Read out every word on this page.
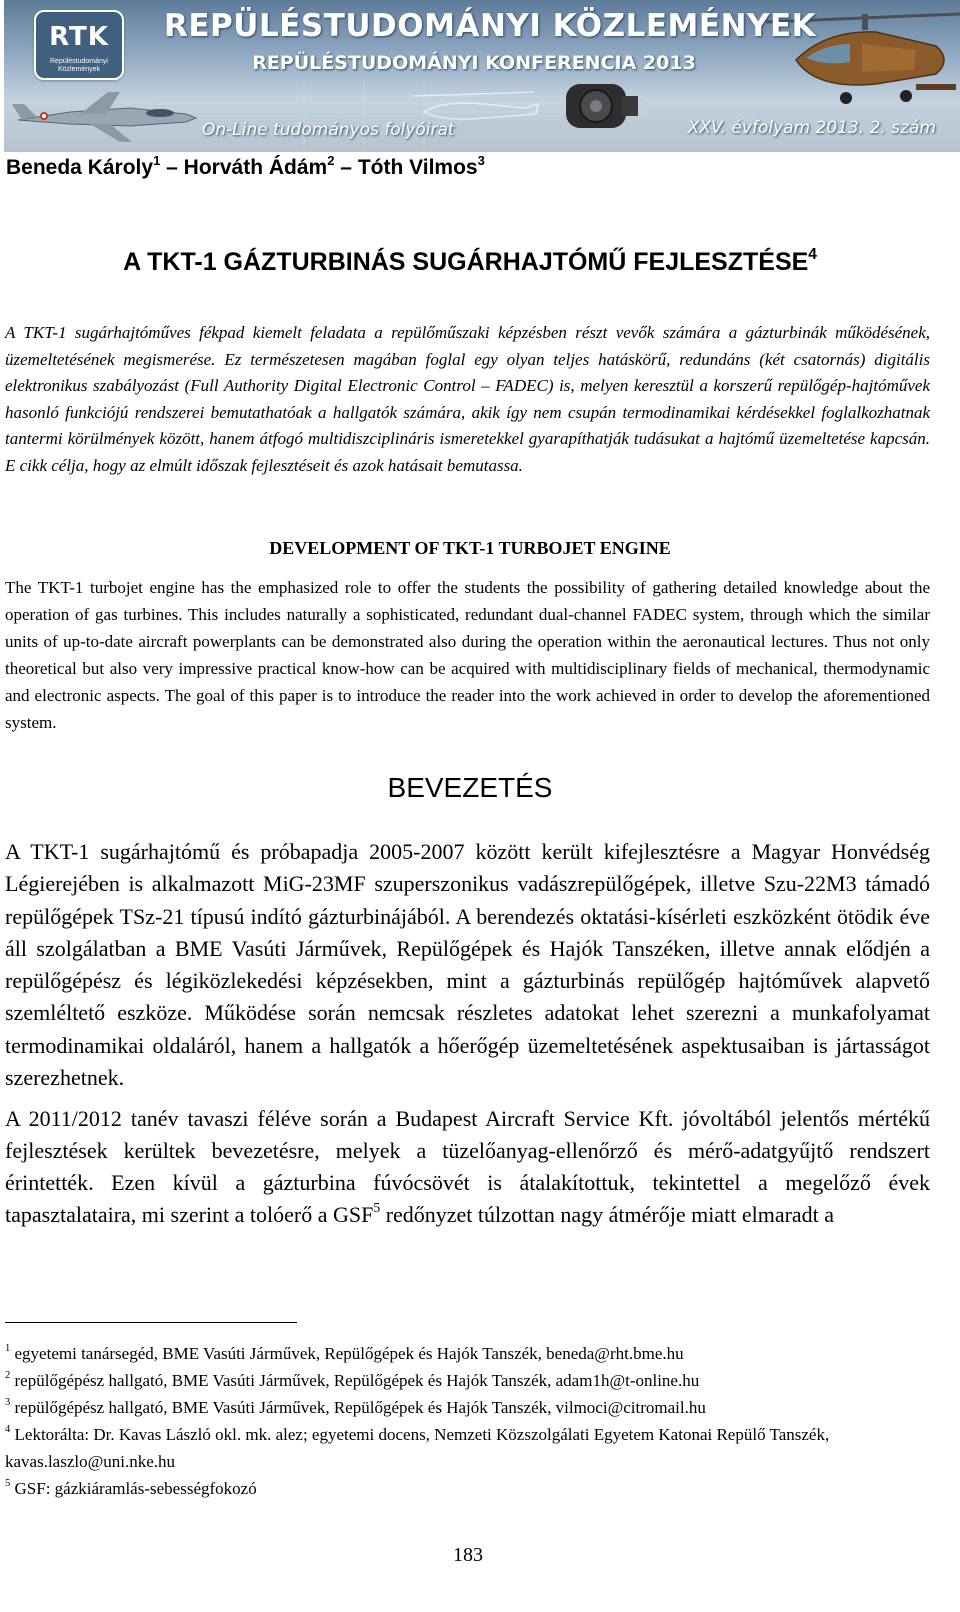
RTK
Repüléstudományi Közlemények
REPÜLÉSTUDOMÁNYI KÖZLEMÉNYEK
REPÜLÉSTUDOMÁNYI KONFERENCIA 2013
On-Line tudományos folyóirat	XXV. évfolyam 2013. 2. szám
Beneda Károly$^1$ – Horváth Ádám$^2$ – Tóth Vilmos$^3$
A TKT-1 GÁZTURBINÁS SUGÁRHAJTÓMŰ FEJLESZTÉSE$^4$
A TKT-1 sugárhajtóműves fékpad kiemelt feladata a repülőműszaki képzésben részt vevők számára a gázturbinák működésének, üzemeltetésének megismerése. Ez természetesen magában foglal egy olyan teljes hatáskörű, redundáns (két csatornás) digitális elektronikus szabályozást (Full Authority Digital Electronic Control – FADEC) is, melyen keresztül a korszerű repülőgép-hajtóművek hasonló funkciójú rendszerei bemutathatóak a hallgatók számára, akik így nem csupán termodinamikai kérdésekkel foglalkozhatnak tantermi körülmények között, hanem átfogó multidiszciplináris ismeretekkel gyarapíthatják tudásukat a hajtómű üzemeltetése kapcsán. E cikk célja, hogy az elmúlt időszak fejlesztéseit és azok hatásait bemutassa.
DEVELOPMENT OF TKT-1 TURBOJET ENGINE
The TKT-1 turbojet engine has the emphasized role to offer the students the possibility of gathering detailed knowledge about the operation of gas turbines. This includes naturally a sophisticated, redundant dual-channel FADEC system, through which the similar units of up-to-date aircraft powerplants can be demonstrated also during the operation within the aeronautical lectures. Thus not only theoretical but also very impressive practical know-how can be acquired with multidisciplinary fields of mechanical, thermodynamic and electronic aspects. The goal of this paper is to introduce the reader into the work achieved in order to develop the aforementioned system.
BEVEZETÉS
A TKT-1 sugárhajtómű és próbapadja 2005-2007 között került kifejlesztésre a Magyar Honvédség Légierejében is alkalmazott MiG-23MF szuperszonikus vadászrepülőgépek, illetve Szu-22M3 támadó repülőgépek TSz-21 típusú indító gázturbinájából. A berendezés oktatási-kísérleti eszközként ötödik éve áll szolgálatban a BME Vasúti Járművek, Repülőgépek és Hajók Tanszéken, illetve annak elődjén a repülőgépész és légiközlekedési képzésekben, mint a gázturbinás repülőgép hajtóművek alapvető szemléltető eszköze. Működése során nemcsak részletes adatokat lehet szerezni a munkafolyamat termodinamikai oldaláról, hanem a hallgatók a hőerőgép üzemeltetésének aspektusaiban is jártasságot szerezhetnek.
A 2011/2012 tanév tavaszi féléve során a Budapest Aircraft Service Kft. jóvoltából jelentős mértékű fejlesztések kerültek bevezetésre, melyek a tüzelőanyag-ellenőrző és mérő-adatgyűjtő rendszert érintették. Ezen kívül a gázturbina fúvócsövét is átalakítottuk, tekintettel a megelőző évek tapasztalataira, mi szerint a tolóerő a GSF$^5$ redőnyzet túlzottan nagy átmérője miatt elmaradt a
$^1$ egyetemi tanársegéd, BME Vasúti Járművek, Repülőgépek és Hajók Tanszék, beneda@rht.bme.hu
$^2$ repülőgépész hallgató, BME Vasúti Járművek, Repülőgépek és Hajók Tanszék, adam1h@t-online.hu
$^3$ repülőgépész hallgató, BME Vasúti Járművek, Repülőgépek és Hajók Tanszék, vilmoci@citromail.hu
$^4$ Lektorálta: Dr. Kavas László okl. mk. alez; egyetemi docens, Nemzeti Közszolgálati Egyetem Katonai Repülő Tanszék, kavas.laszlo@uni.nke.hu
$^5$ GSF: gázkiáramlás-sebességfokozó
183
